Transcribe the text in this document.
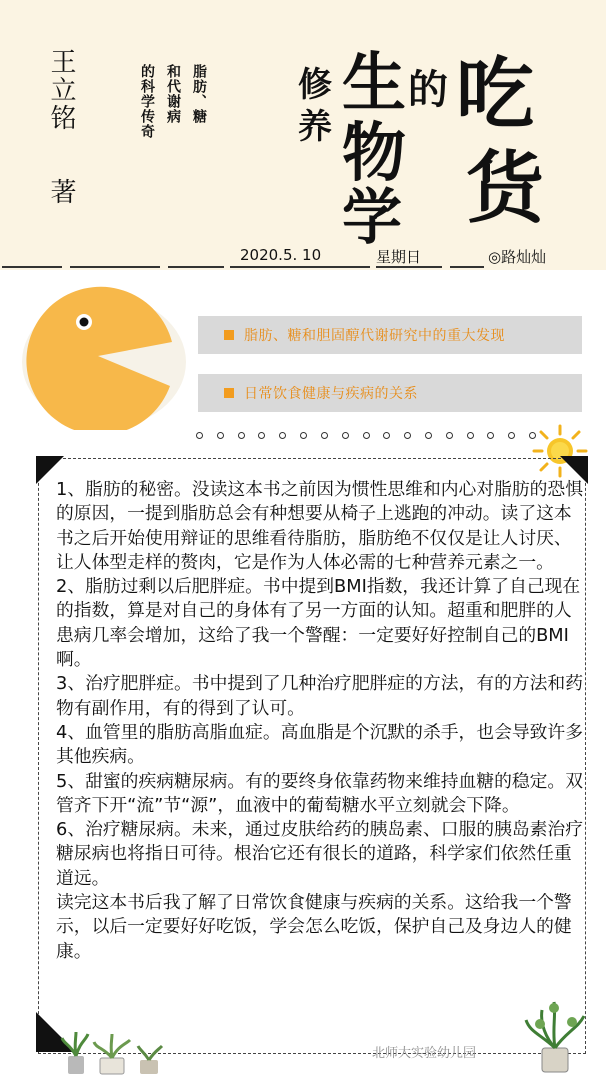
王立铭著
脂肪、糖
和代谢病
的科学传奇	修
养
生
物
学
的 吃
货
2020.5. 10	星期日	◎路灿灿
脂肪、糖和胆固醇代谢研究中的重大发现
日常饮食健康与疾病的关系

1、脂肪的秘密。没读这本书之前因为惯性思维和内心对脂肪的恐惧的原因，一提到脂肪总会有种想要从椅子上逃跑的冲动。读了这本书之后开始使用辩证的思维看待脂肪，脂肪绝不仅仅是让人讨厌、让人体型走样的赘肉，它是作为人体必需的七种营养元素之一。

2、脂肪过剩以后肥胖症。书中提到BMI指数，我还计算了自己现在的指数，算是对自己的身体有了另一方面的认知。超重和肥胖的人患病几率会增加，这给了我一个警醒：一定要好好控制自己的BMI啊。

3、治疗肥胖症。书中提到了几种治疗肥胖症的方法，有的方法和药物有副作用，有的得到了认可。

4、血管里的脂肪高脂血症。高血脂是个沉默的杀手，也会导致许多其他疾病。

5、甜蜜的疾病糖尿病。有的要终身依靠药物来维持血糖的稳定。双管齐下开“流”节“源”，血液中的葡萄糖水平立刻就会下降。

6、治疗糖尿病。未来，通过皮肤给药的胰岛素、口服的胰岛素治疗糖尿病也将指日可待。根治它还有很长的道路，科学家们依然任重道远。

读完这本书后我了解了日常饮食健康与疾病的关系。这给我一个警示，以后一定要好好吃饭，学会怎么吃饭，保护自己及身边人的健康。

北师大实验幼儿园
